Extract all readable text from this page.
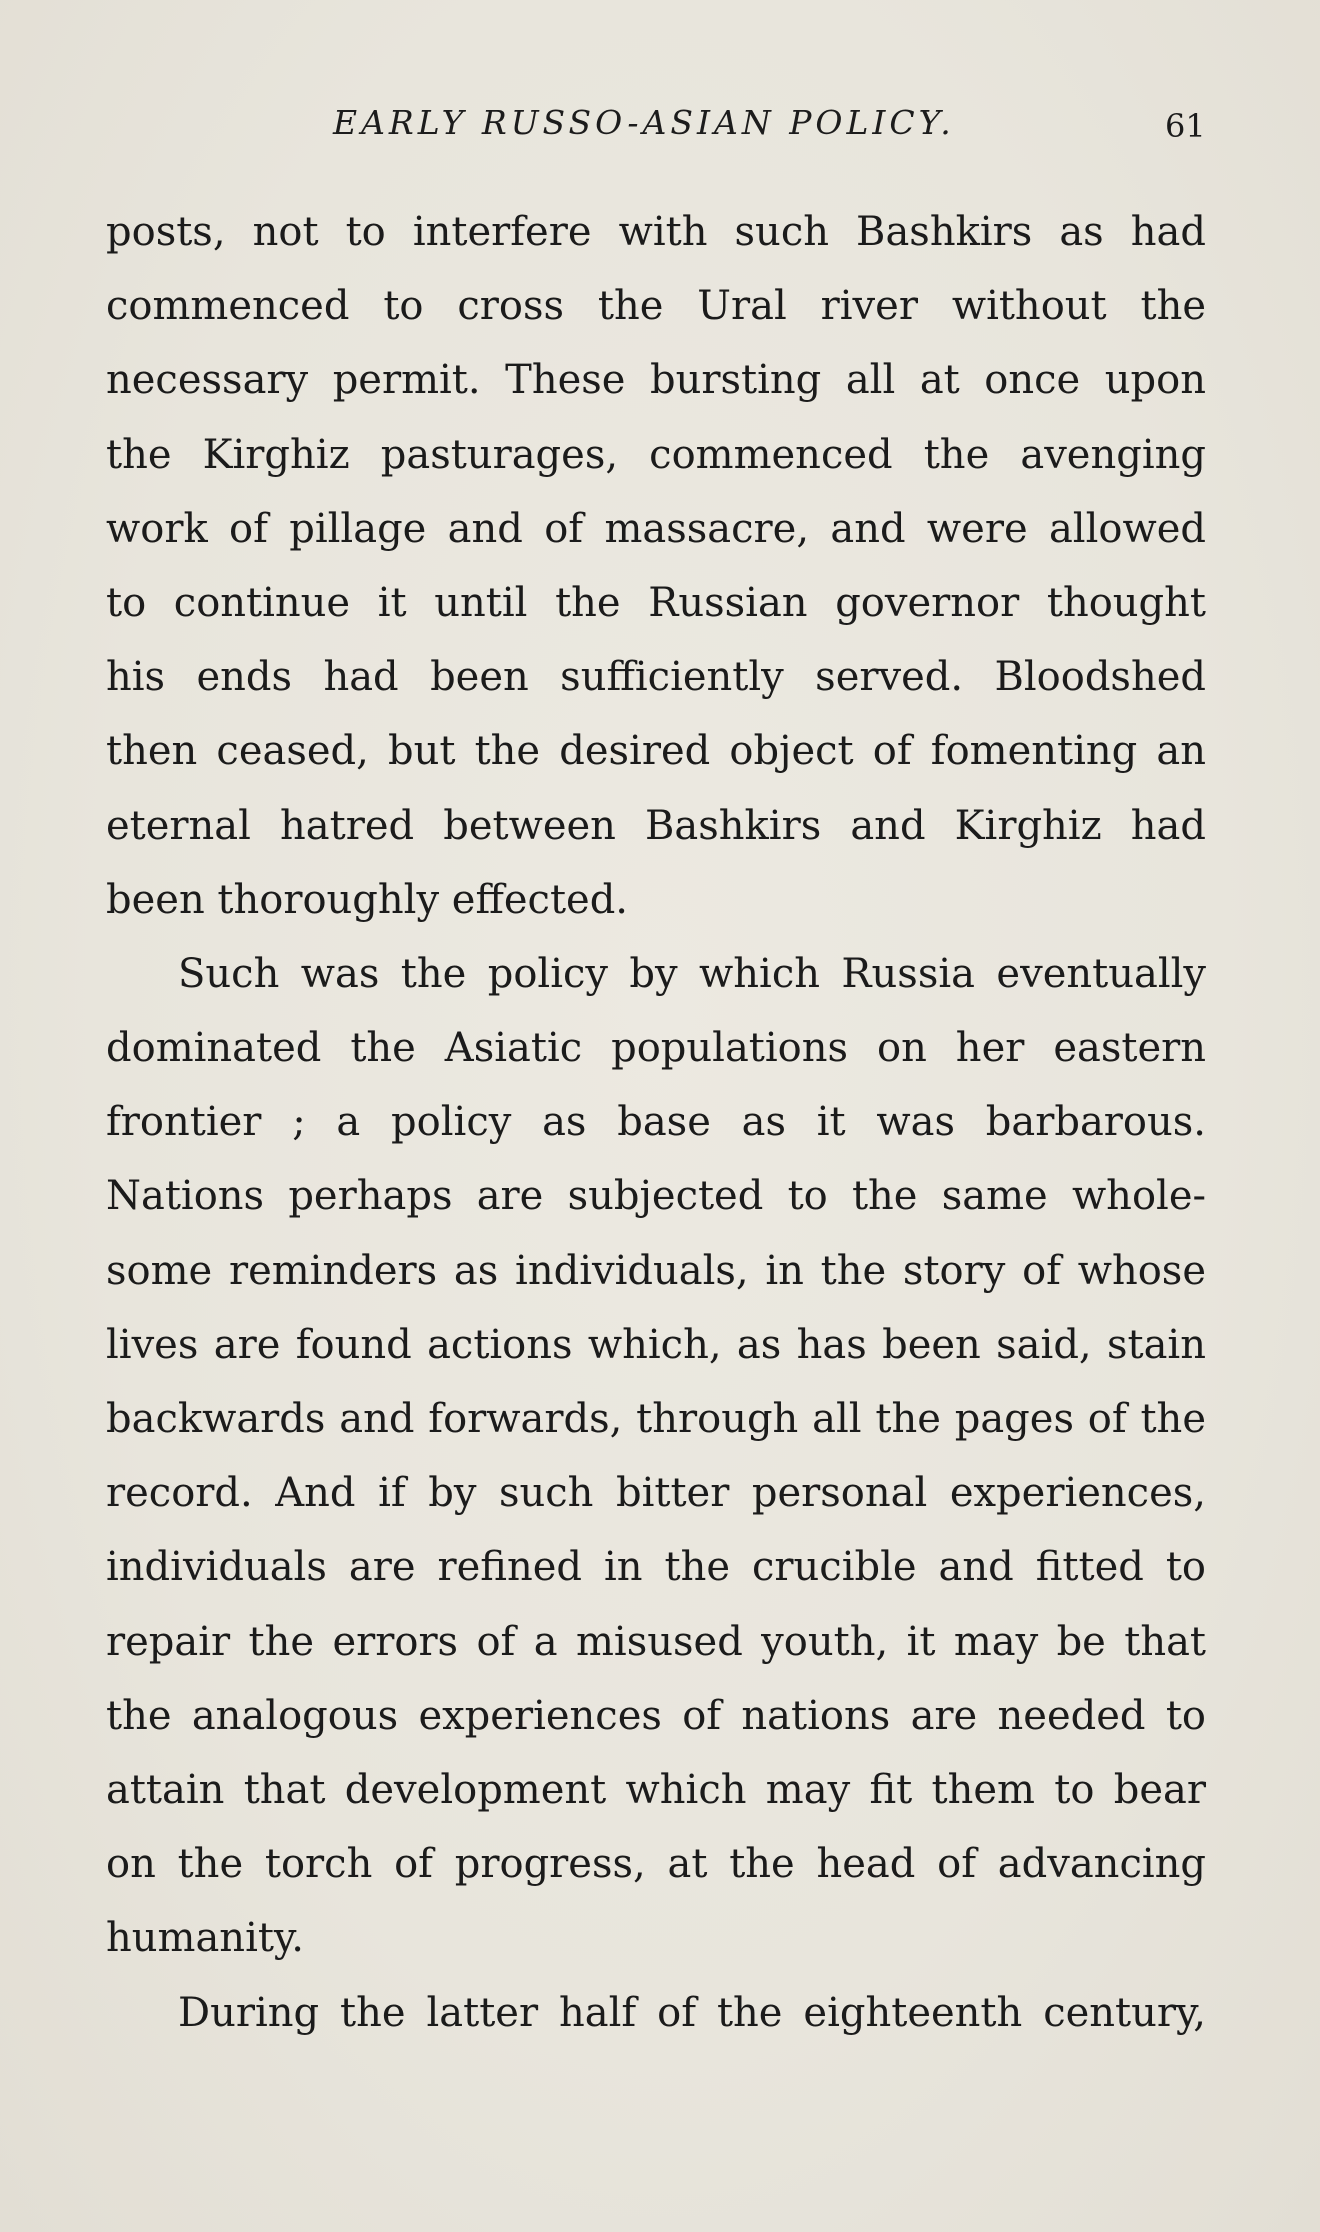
EARLY RUSSO-ASIAN POLICY.	61
posts, not to interfere with such Bashkirs as had
commenced to cross the Ural river without the
necessary permit. These bursting all at once upon
the Kirghiz pasturages, commenced the avenging
work of pillage and of massacre, and were allowed
to continue it until the Russian governor thought
his ends had been sufficiently served. Bloodshed
then ceased, but the desired object of fomenting an
eternal hatred between Bashkirs and Kirghiz had
been thoroughly effected.
Such was the policy by which Russia eventually
dominated the Asiatic populations on her eastern
frontier ; a policy as base as it was barbarous.
Nations perhaps are subjected to the same whole-
some reminders as individuals, in the story of whose
lives are found actions which, as has been said, stain
backwards and forwards, through all the pages of the
record. And if by such bitter personal experiences,
individuals are refined in the crucible and fitted to
repair the errors of a misused youth, it may be that
the analogous experiences of nations are needed to
attain that development which may fit them to bear
on the torch of progress, at the head of advancing
humanity.
During the latter half of the eighteenth century,
